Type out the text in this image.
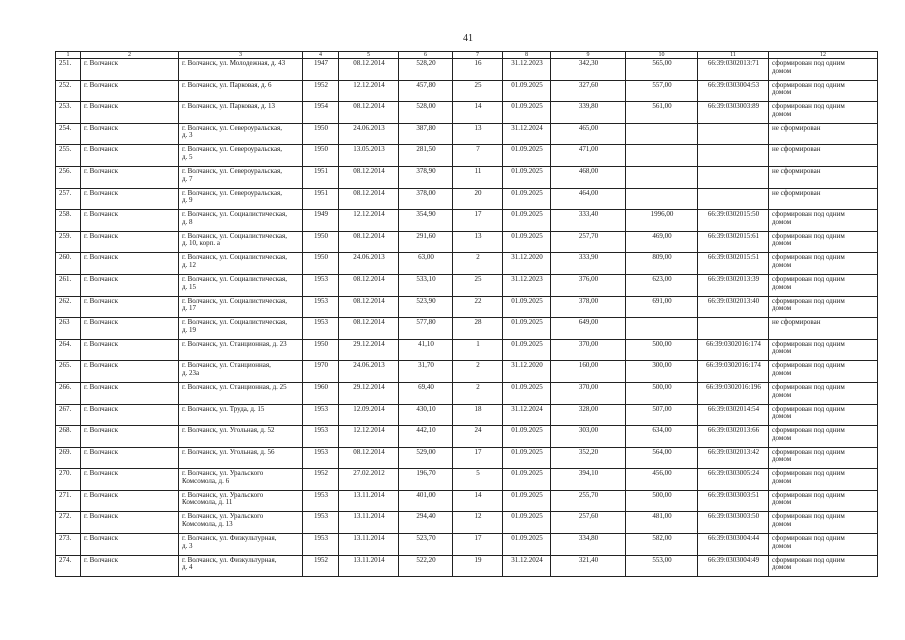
41
1	2	3	4	5	6	7	8	9	10	11	12
251.	г. Волчанск	г. Волчанск, ул. Молодежная, д. 43	1947	08.12.2014	528,20	16	31.12.2023	342,30	565,00	66:39:0302013:71	сформирован под одним
домом
252.	г. Волчанск	г. Волчанск, ул. Парковая, д. 6	1952	12.12.2014	457,80	25	01.09.2025	327,60	557,00	66:39:0303004:53	сформирован под одним
домом
253.	г. Волчанск	г. Волчанск, ул. Парковая, д. 13	1954	08.12.2014	528,00	14	01.09.2025	339,80	561,00	66:39:0303003:89	сформирован под одним
домом
254.	г. Волчанск	г. Волчанск, ул. Североуральская,
д. 3	1950	24.06.2013	387,80	13	31.12.2024	465,00			не сформирован
255.	г. Волчанск	г. Волчанск, ул. Североуральская,
д. 5	1950	13.05.2013	281,50	7	01.09.2025	471,00			не сформирован
256.	г. Волчанск	г. Волчанск, ул. Североуральская,
д. 7	1951	08.12.2014	378,90	11	01.09.2025	468,00			не сформирован
257.	г. Волчанск	г. Волчанск, ул. Североуральская,
д. 9	1951	08.12.2014	378,00	20	01.09.2025	464,00			не сформирован
258.	г. Волчанск	г. Волчанск, ул. Социалистическая,
д. 8	1949	12.12.2014	354,90	17	01.09.2025	333,40	1996,00	66:39:0302015:50	сформирован под одним
домом
259.	г. Волчанск	г. Волчанск, ул. Социалистическая,
д. 10, корп. а	1950	08.12.2014	291,60	13	01.09.2025	257,70	469,00	66:39:0302015:61	сформирован под одним
домом
260.	г. Волчанск	г. Волчанск, ул. Социалистическая,
д. 12	1950	24.06.2013	63,00	2	31.12.2020	333,90	809,00	66:39:0302015:51	сформирован под одним
домом
261.	г. Волчанск	г. Волчанск, ул. Социалистическая,
д. 15	1953	08.12.2014	533,10	25	31.12.2023	376,00	623,00	66:39:0302013:39	сформирован под одним
домом
262.	г. Волчанск	г. Волчанск, ул. Социалистическая,
д. 17	1953	08.12.2014	523,90	22	01.09.2025	378,00	691,00	66:39:0302013:40	сформирован под одним
домом
263	г. Волчанск	г. Волчанск, ул. Социалистическая,
д. 19	1953	08.12.2014	577,80	28	01.09.2025	649,00			не сформирован
264.	г. Волчанск	г. Волчанск, ул. Станционная, д. 23	1950	29.12.2014	41,10	1	01.09.2025	370,00	500,00	66:39:0302016:174	сформирован под одним
домом
265.	г. Волчанск	г. Волчанск, ул. Станционная,
д. 23а	1970	24.06.2013	31,70	2	31.12.2020	160,00	300,00	66:39:0302016:174	сформирован под одним
домом
266.	г. Волчанск	г. Волчанск, ул. Станционная, д. 25	1960	29.12.2014	69,40	2	01.09.2025	370,00	500,00	66:39:0302016:196	сформирован под одним
домом
267.	г. Волчанск	г. Волчанск, ул. Труда, д. 15	1953	12.09.2014	430,10	18	31.12.2024	328,00	507,00	66:39:0302014:54	сформирован под одним
домом
268.	г. Волчанск	г. Волчанск, ул. Угольная, д. 52	1953	12.12.2014	442,10	24	01.09.2025	303,00	634,00	66:39:0302013:66	сформирован под одним
домом
269.	г. Волчанск	г. Волчанск, ул. Угольная, д. 56	1953	08.12.2014	529,00	17	01.09.2025	352,20	564,00	66:39:0302013:42	сформирован под одним
домом
270.	г. Волчанск	г. Волчанск, ул. Уральского
Комсомола, д. 6	1952	27.02.2012	196,70	5	01.09.2025	394,10	456,00	66:39:0303005:24	сформирован под одним
домом
271.	г. Волчанск	г. Волчанск, ул. Уральского
Комсомола, д. 11	1953	13.11.2014	401,00	14	01.09.2025	255,70	500,00	66:39:0303003:51	сформирован под одним
домом
272.	г. Волчанск	г. Волчанск, ул. Уральского
Комсомола, д. 13	1953	13.11.2014	294,40	12	01.09.2025	257,60	481,00	66:39:0303003:50	сформирован под одним
домом
273.	г. Волчанск	г. Волчанск, ул. Физкультурная,
д. 3	1953	13.11.2014	523,70	17	01.09.2025	334,80	582,00	66:39:0303004:44	сформирован под одним
домом
274.	г. Волчанск	г. Волчанск, ул. Физкультурная,
д. 4	1952	13.11.2014	522,20	19	31.12.2024	321,40	553,00	66:39:0303004:49	сформирован под одним
домом
